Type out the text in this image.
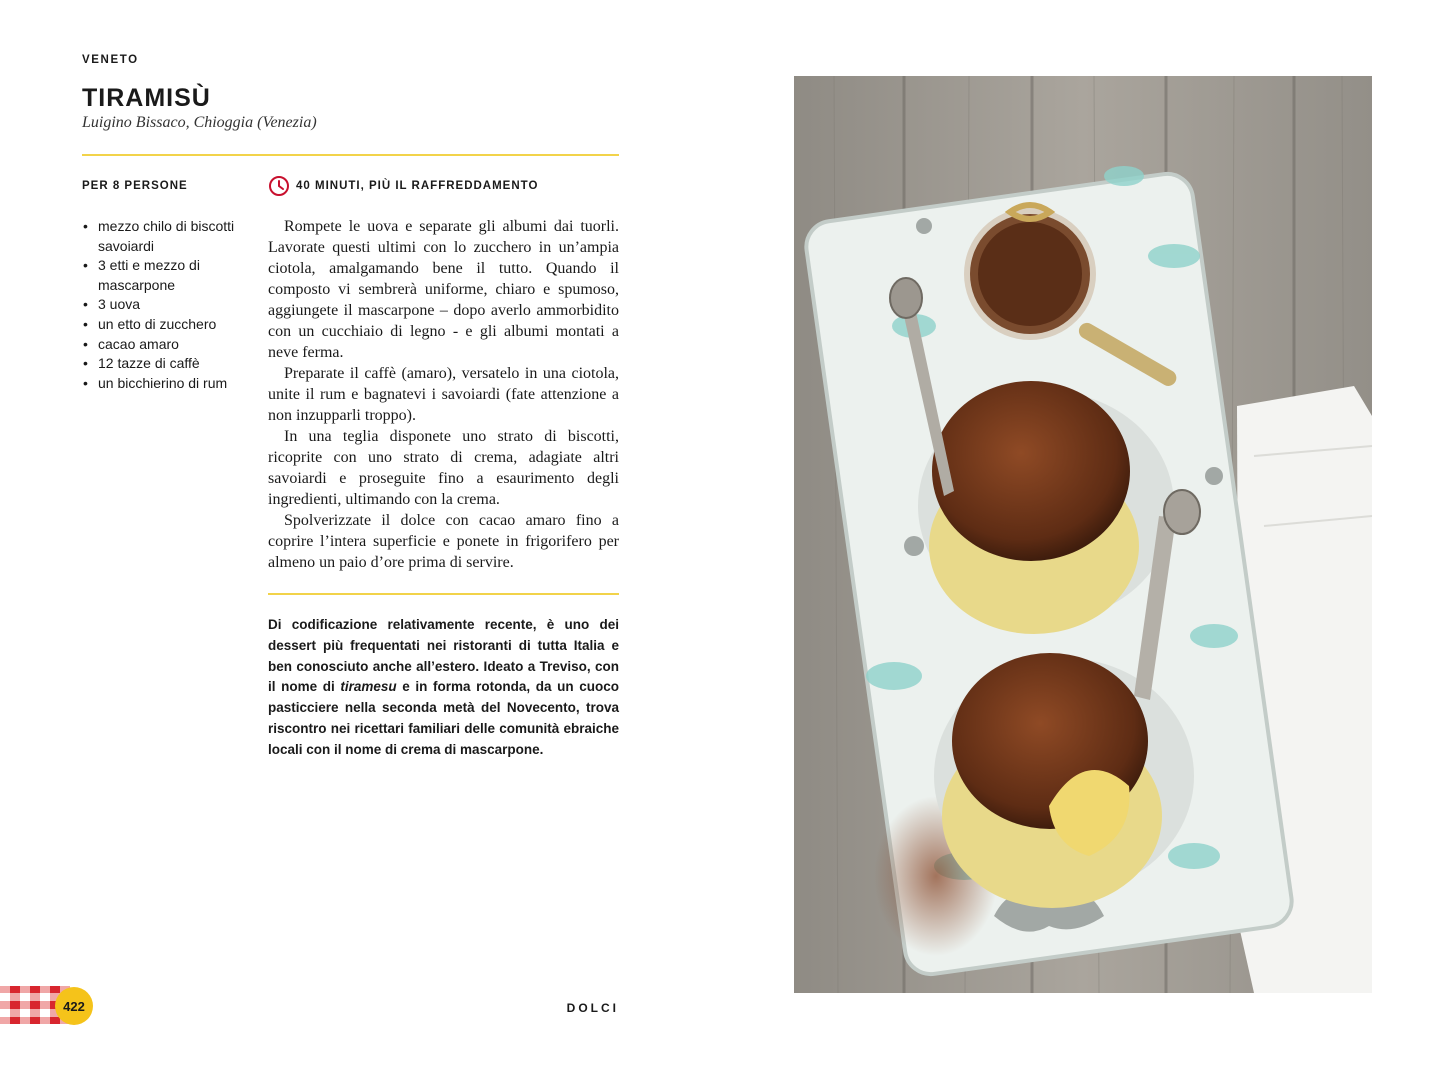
VENETO
TIRAMISÙ
Luigino Bissaco, Chioggia (Venezia)
PER 8 PERSONE
• mezzo chilo di biscotti savoiardi
• 3 etti e mezzo di mascarpone
• 3 uova
• un etto di zucchero
• cacao amaro
• 12 tazze di caffè
• un bicchierino di rum
40 MINUTI, PIÙ IL RAFFREDDAMENTO

Rompete le uova e separate gli albumi dai tuorli. Lavorate questi ultimi con lo zucchero in un’ampia ciotola, amalgamando bene il tutto. Quando il composto vi sembrerà uniforme, chiaro e spumoso, aggiungete il mascarpone – dopo averlo ammorbidito con un cucchiaio di legno - e gli albumi montati a neve ferma.

Preparate il caffè (amaro), versatelo in una ciotola, unite il rum e bagnatevi i savoiardi (fate attenzione a non inzupparli troppo).

In una teglia disponete uno strato di biscotti, ricoprite con uno strato di crema, adagiate altri savoiardi e proseguite fino a esaurimento degli ingredienti, ultimando con la crema.

Spolverizzate il dolce con cacao amaro fino a coprire l’intera superficie e ponete in frigorifero per almeno un paio d’ore prima di servire.

Di codificazione relativamente recente, è uno dei dessert più frequentati nei ristoranti di tutta Italia e ben conosciuto anche all’estero. Ideato a Treviso, con il nome di tiramesu e in forma rotonda, da un cuoco pasticciere nella seconda metà del Novecento, trova riscontro nei ricettari familiari delle comunità ebraiche locali con il nome di crema di mascarpone.

422	DOLCI
